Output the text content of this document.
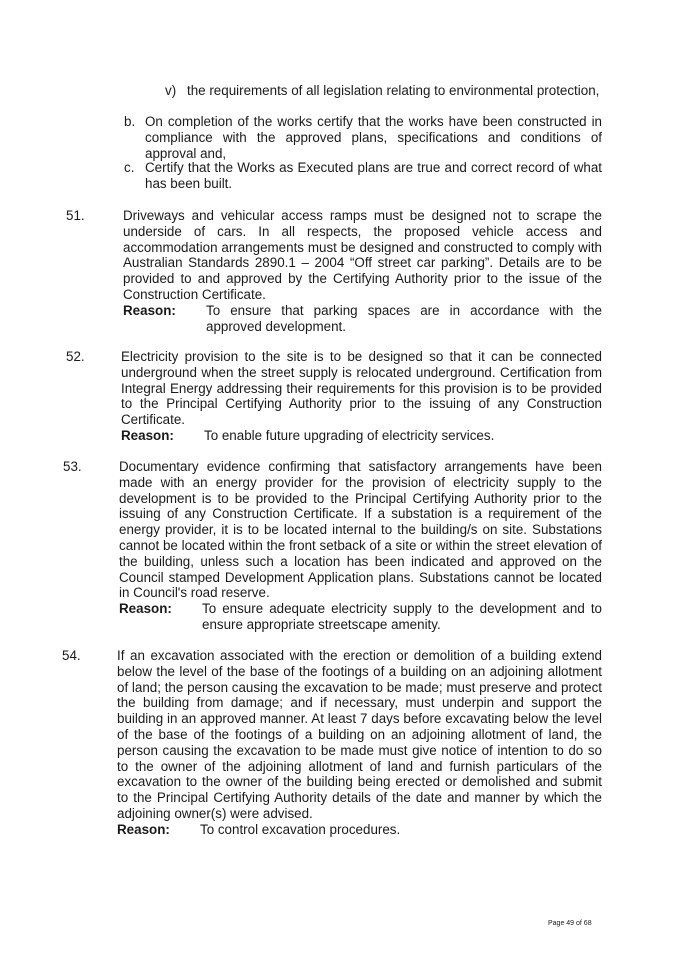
v) the requirements of all legislation relating to environmental protection,
b. On completion of the works certify that the works have been constructed in compliance with the approved plans, specifications and conditions of approval and,
c. Certify that the Works as Executed plans are true and correct record of what has been built.
51.	Driveways and vehicular access ramps must be designed not to scrape the underside of cars. In all respects, the proposed vehicle access and accommodation arrangements must be designed and constructed to comply with Australian Standards 2890.1 – 2004 “Off street car parking”. Details are to be provided to and approved by the Certifying Authority prior to the issue of the Construction Certificate.
Reason:	To ensure that parking spaces are in accordance with the approved development.
52.	Electricity provision to the site is to be designed so that it can be connected underground when the street supply is relocated underground. Certification from Integral Energy addressing their requirements for this provision is to be provided to the Principal Certifying Authority prior to the issuing of any Construction Certificate.
Reason:	To enable future upgrading of electricity services.
53.	Documentary evidence confirming that satisfactory arrangements have been made with an energy provider for the provision of electricity supply to the development is to be provided to the Principal Certifying Authority prior to the issuing of any Construction Certificate. If a substation is a requirement of the energy provider, it is to be located internal to the building/s on site. Substations cannot be located within the front setback of a site or within the street elevation of the building, unless such a location has been indicated and approved on the Council stamped Development Application plans. Substations cannot be located in Council's road reserve.
Reason:	To ensure adequate electricity supply to the development and to ensure appropriate streetscape amenity.
54.	If an excavation associated with the erection or demolition of a building extend below the level of the base of the footings of a building on an adjoining allotment of land; the person causing the excavation to be made; must preserve and protect the building from damage; and if necessary, must underpin and support the building in an approved manner. At least 7 days before excavating below the level of the base of the footings of a building on an adjoining allotment of land, the person causing the excavation to be made must give notice of intention to do so to the owner of the adjoining allotment of land and furnish particulars of the excavation to the owner of the building being erected or demolished and submit to the Principal Certifying Authority details of the date and manner by which the adjoining owner(s) were advised.
Reason:	To control excavation procedures.
Page 49 of 68
